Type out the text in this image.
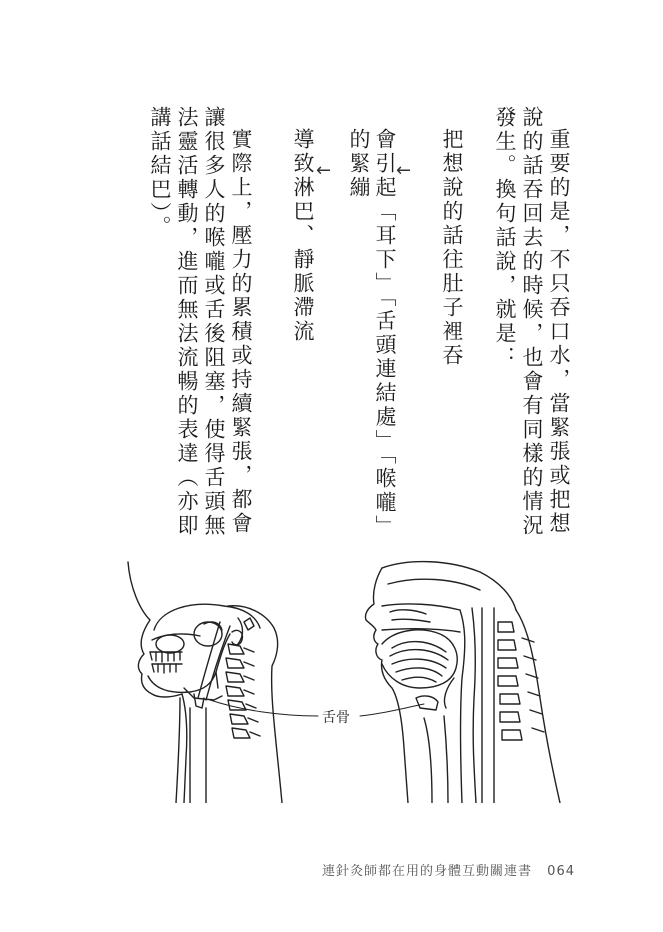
重要的是，不只吞口水，當緊張或把想
說的話吞回去的時候，也會有同樣的情況
發生。換句話說，就是：
把想說的話往肚子裡吞
←
會引起「耳下」「舌頭連結處」「喉嚨」
的緊繃
←
導致淋巴、靜脈滯流
實際上，壓力的累積或持續緊張，都會
讓很多人的喉嚨或舌後阻塞，使得舌頭無
法靈活轉動，進而無法流暢的表達（亦即
講話結巴）。
舌骨
連針灸師都在用的身體互動關連書 064
